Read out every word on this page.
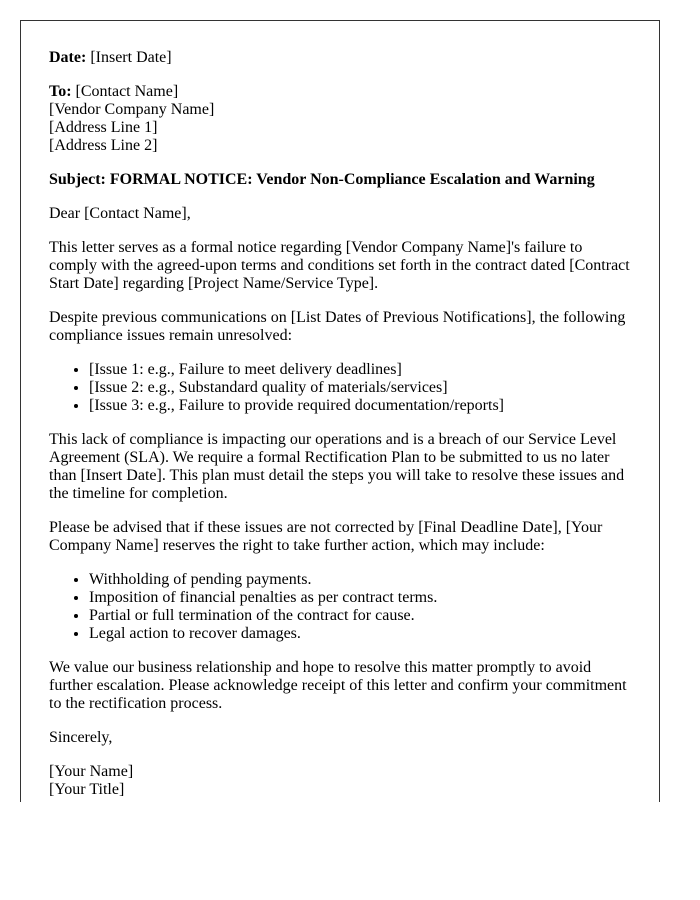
Date: [Insert Date]

To: [Contact Name]
[Vendor Company Name]
[Address Line 1]
[Address Line 2]

Subject: FORMAL NOTICE: Vendor Non-Compliance Escalation and Warning

Dear [Contact Name],

This letter serves as a formal notice regarding [Vendor Company Name]'s failure to comply with the agreed-upon terms and conditions set forth in the contract dated [Contract Start Date] regarding [Project Name/Service Type].

Despite previous communications on [List Dates of Previous Notifications], the following compliance issues remain unresolved:

• [Issue 1: e.g., Failure to meet delivery deadlines]
• [Issue 2: e.g., Substandard quality of materials/services]
• [Issue 3: e.g., Failure to provide required documentation/reports]

This lack of compliance is impacting our operations and is a breach of our Service Level Agreement (SLA). We require a formal Rectification Plan to be submitted to us no later than [Insert Date]. This plan must detail the steps you will take to resolve these issues and the timeline for completion.

Please be advised that if these issues are not corrected by [Final Deadline Date], [Your Company Name] reserves the right to take further action, which may include:

• Withholding of pending payments.
• Imposition of financial penalties as per contract terms.
• Partial or full termination of the contract for cause.
• Legal action to recover damages.

We value our business relationship and hope to resolve this matter promptly to avoid further escalation. Please acknowledge receipt of this letter and confirm your commitment to the rectification process.

Sincerely,

[Your Name]
[Your Title]
